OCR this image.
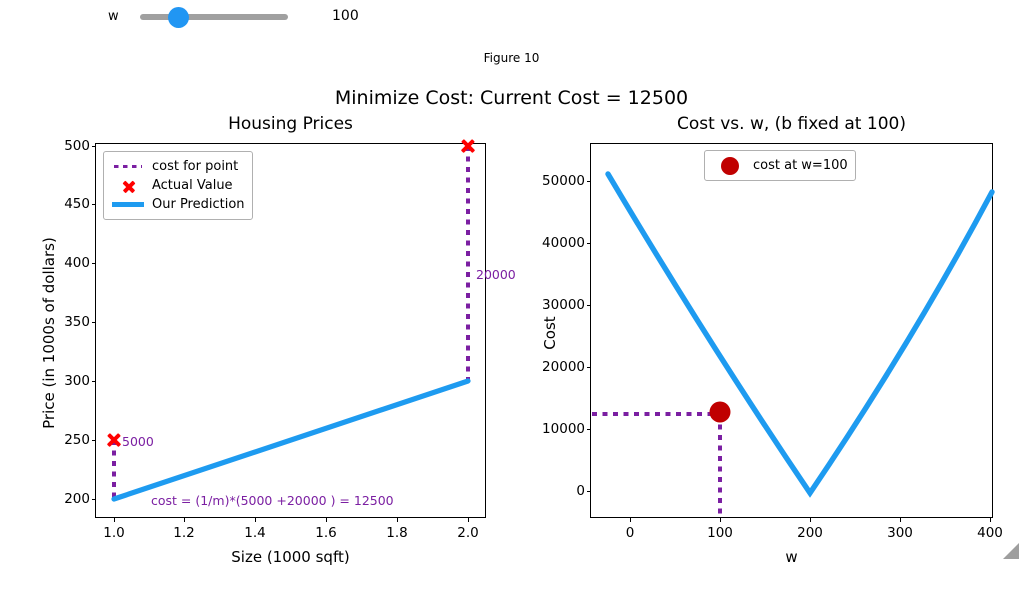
w	100
Figure 10
Minimize Cost: Current Cost = 12500
Housing Prices
200
250
300
350
400
450
500
1.0	1.2	1.4	1.6	1.8	2.0
Size (1000 sqft)
Price (in 1000s of dollars)
5000
20000
cost = (1/m)*(5000 +20000 ) = 12500
cost for point
Actual Value
Our Prediction
Cost vs. w, (b fixed at 100)
0
10000
20000
30000
40000
50000
0	100	200	300	400
w
Cost
cost at w=100
